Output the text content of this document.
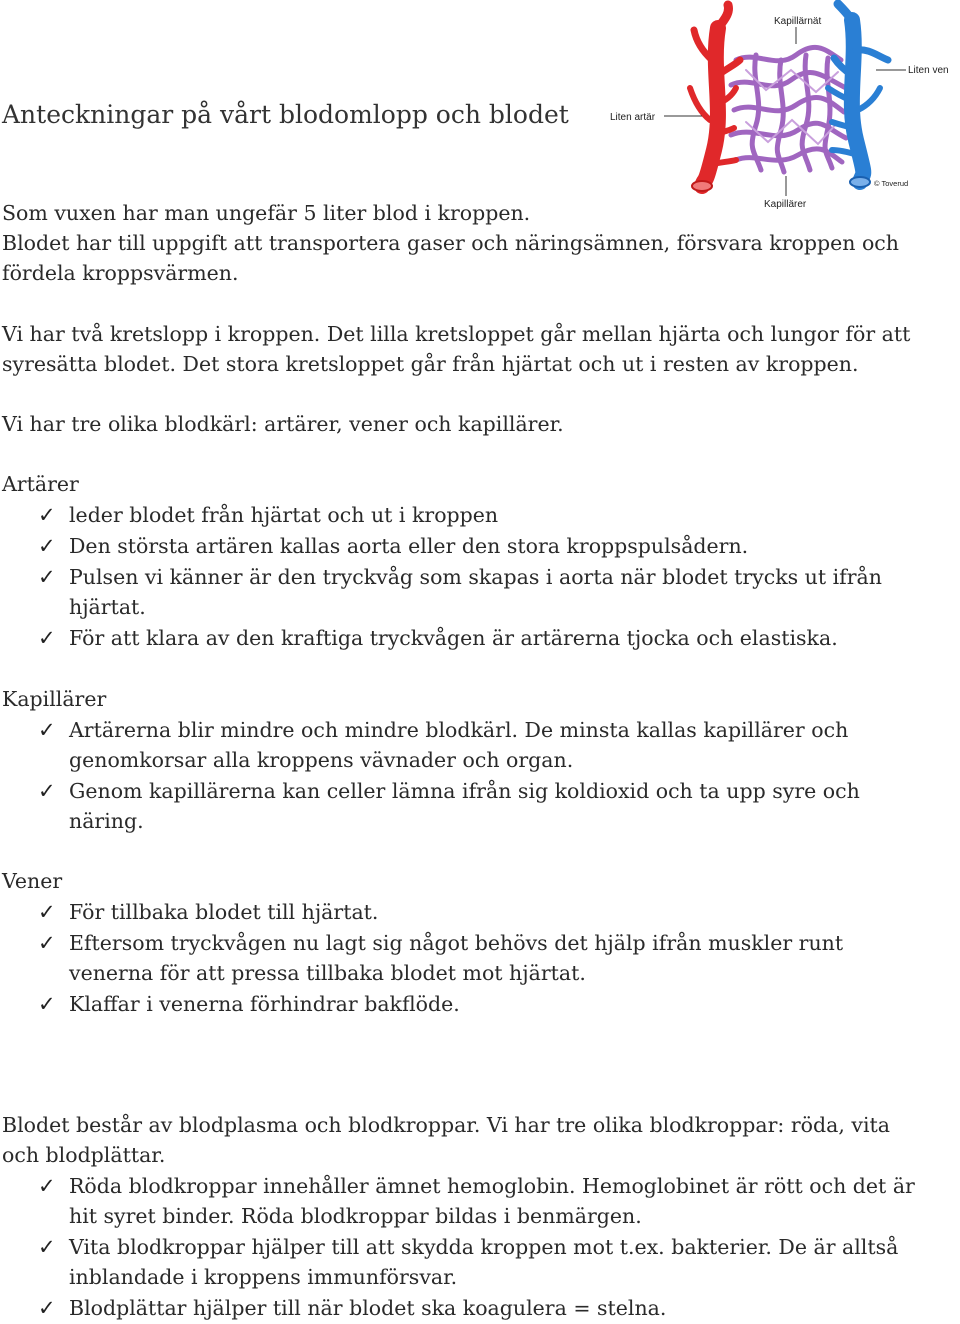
Kapillärnät
Liten ven
Liten artär
© Toverud
Kapillärer
Anteckningar på vårt blodomlopp och blodet
Som vuxen har man ungefär 5 liter blod i kroppen.
Blodet har till uppgift att transportera gaser och näringsämnen, försvara kroppen och
fördela kroppsvärmen.
Vi har två kretslopp i kroppen. Det lilla kretsloppet går mellan hjärta och lungor för att
syresätta blodet. Det stora kretsloppet går från hjärtat och ut i resten av kroppen.
Vi har tre olika blodkärl: artärer, vener och kapillärer.
Artärer
✓ leder blodet från hjärtat och ut i kroppen
✓ Den största artären kallas aorta eller den stora kroppspulsådern.
✓ Pulsen vi känner är den tryckvåg som skapas i aorta när blodet trycks ut ifrån
hjärtat.
✓ För att klara av den kraftiga tryckvågen är artärerna tjocka och elastiska.
Kapillärer
✓ Artärerna blir mindre och mindre blodkärl. De minsta kallas kapillärer och
genomkorsar alla kroppens vävnader och organ.
✓ Genom kapillärerna kan celler lämna ifrån sig koldioxid och ta upp syre och
näring.
Vener
✓ För tillbaka blodet till hjärtat.
✓ Eftersom tryckvågen nu lagt sig något behövs det hjälp ifrån muskler runt
venerna för att pressa tillbaka blodet mot hjärtat.
✓ Klaffar i venerna förhindrar bakflöde.
Blodet består av blodplasma och blodkroppar. Vi har tre olika blodkroppar: röda, vita
och blodplättar.
✓ Röda blodkroppar innehåller ämnet hemoglobin. Hemoglobinet är rött och det är
hit syret binder. Röda blodkroppar bildas i benmärgen.
✓ Vita blodkroppar hjälper till att skydda kroppen mot t.ex. bakterier. De är alltså
inblandade i kroppens immunförsvar.
✓ Blodplättar hjälper till när blodet ska koagulera = stelna.
